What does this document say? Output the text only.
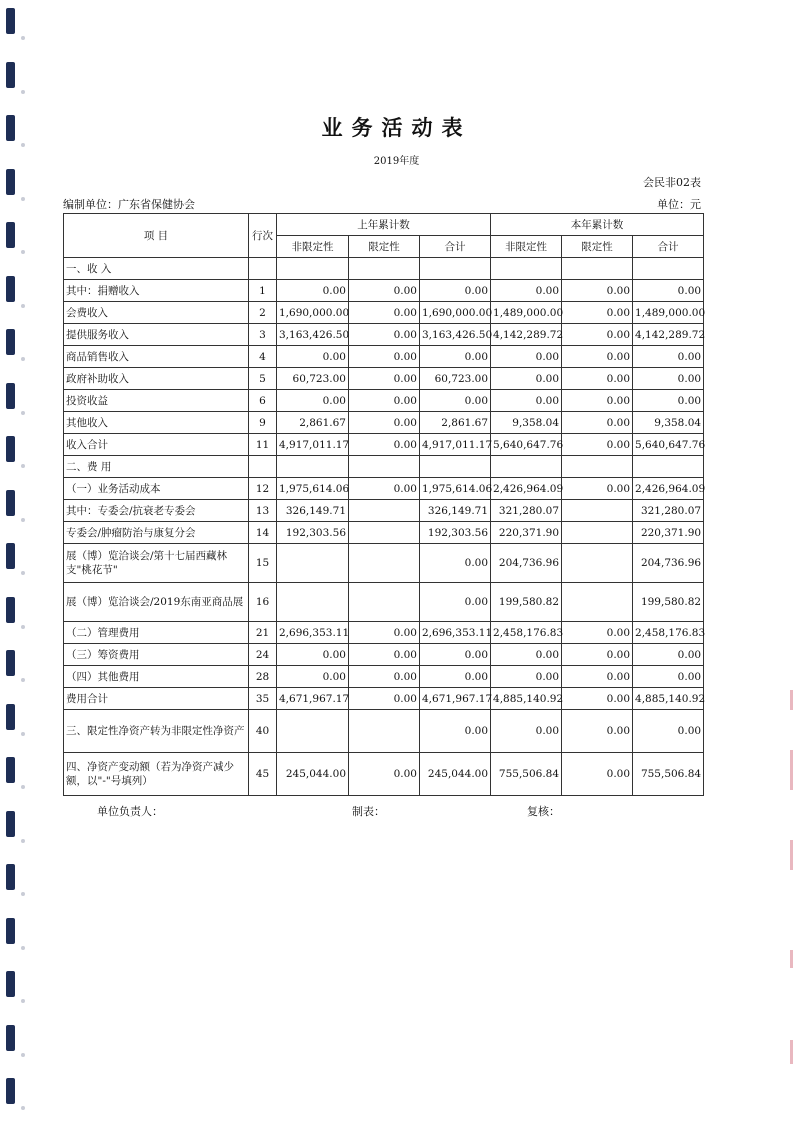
业务活动表
2019年度
会民非02表
编制单位：广东省保健协会	单位：元
项 目	行次	上年累计数			本年累计数		
		非限定性	限定性	合计	非限定性	限定性	合计
一、收 入							
其中：捐赠收入	1	0.00	0.00	0.00	0.00	0.00	0.00
会费收入	2	1,690,000.00	0.00	1,690,000.00	1,489,000.00	0.00	1,489,000.00
提供服务收入	3	3,163,426.50	0.00	3,163,426.50	4,142,289.72	0.00	4,142,289.72
商品销售收入	4	0.00	0.00	0.00	0.00	0.00	0.00
政府补助收入	5	60,723.00	0.00	60,723.00	0.00	0.00	0.00
投资收益	6	0.00	0.00	0.00	0.00	0.00	0.00
其他收入	9	2,861.67	0.00	2,861.67	9,358.04	0.00	9,358.04
收入合计	11	4,917,011.17	0.00	4,917,011.17	5,640,647.76	0.00	5,640,647.76
二、费 用							
（一）业务活动成本	12	1,975,614.06	0.00	1,975,614.06	2,426,964.09	0.00	2,426,964.09
其中：专委会/抗衰老专委会	13	326,149.71		326,149.71	321,280.07		321,280.07
专委会/肿瘤防治与康复分会	14	192,303.56		192,303.56	220,371.90		220,371.90
展（博）览洽谈会/第十七届西藏林支"桃花节"	15			0.00	204,736.96		204,736.96
展（博）览洽谈会/2019东南亚商品展	16			0.00	199,580.82		199,580.82
（二）管理费用	21	2,696,353.11	0.00	2,696,353.11	2,458,176.83	0.00	2,458,176.83
（三）筹资费用	24	0.00	0.00	0.00	0.00	0.00	0.00
（四）其他费用	28	0.00	0.00	0.00	0.00	0.00	0.00
费用合计	35	4,671,967.17	0.00	4,671,967.17	4,885,140.92	0.00	4,885,140.92
三、限定性净资产转为非限定性净资产	40			0.00	0.00	0.00	0.00
四、净资产变动额（若为净资产减少额，以"-"号填列）	45	245,044.00	0.00	245,044.00	755,506.84	0.00	755,506.84
单位负责人：	制表：	复核：
